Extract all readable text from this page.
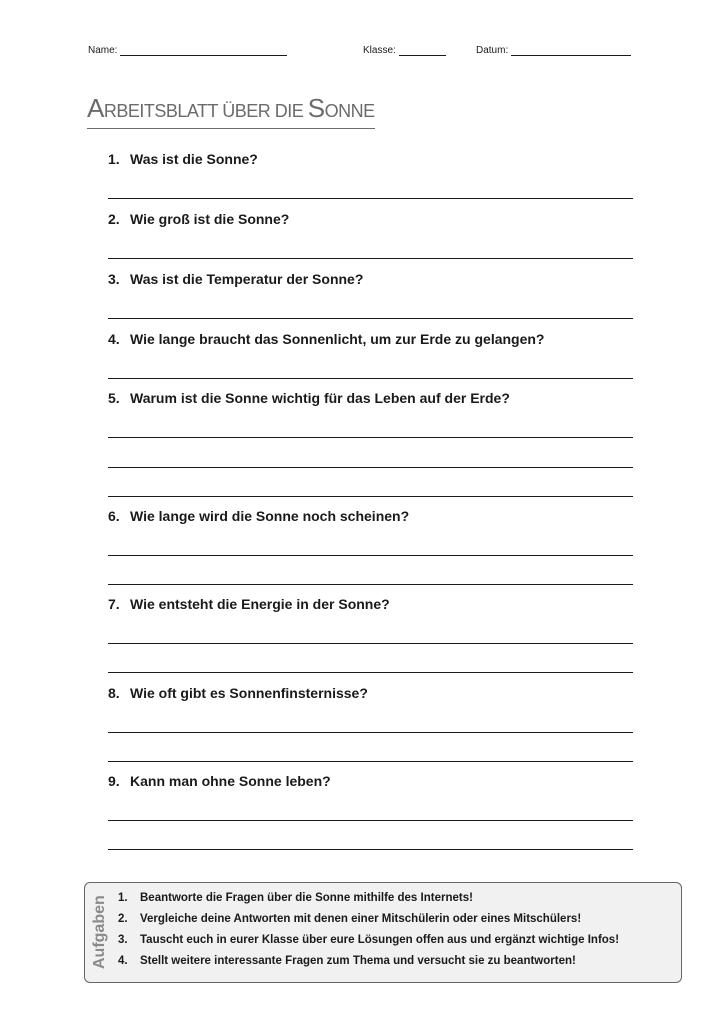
Name:	Klasse:	Datum:
ARBEITSBLATT ÜBER DIE SONNE
1. Was ist die Sonne?
2. Wie groß ist die Sonne?
3. Was ist die Temperatur der Sonne?
4. Wie lange braucht das Sonnenlicht, um zur Erde zu gelangen?
5. Warum ist die Sonne wichtig für das Leben auf der Erde?
6. Wie lange wird die Sonne noch scheinen?
7. Wie entsteht die Energie in der Sonne?
8. Wie oft gibt es Sonnenfinsternisse?
9. Kann man ohne Sonne leben?
Aufgaben 1. Beantworte die Fragen über die Sonne mithilfe des Internets!
2. Vergleiche deine Antworten mit denen einer Mitschülerin oder eines Mitschülers!
3. Tauscht euch in eurer Klasse über eure Lösungen offen aus und ergänzt wichtige Infos!
4. Stellt weitere interessante Fragen zum Thema und versucht sie zu beantworten!
